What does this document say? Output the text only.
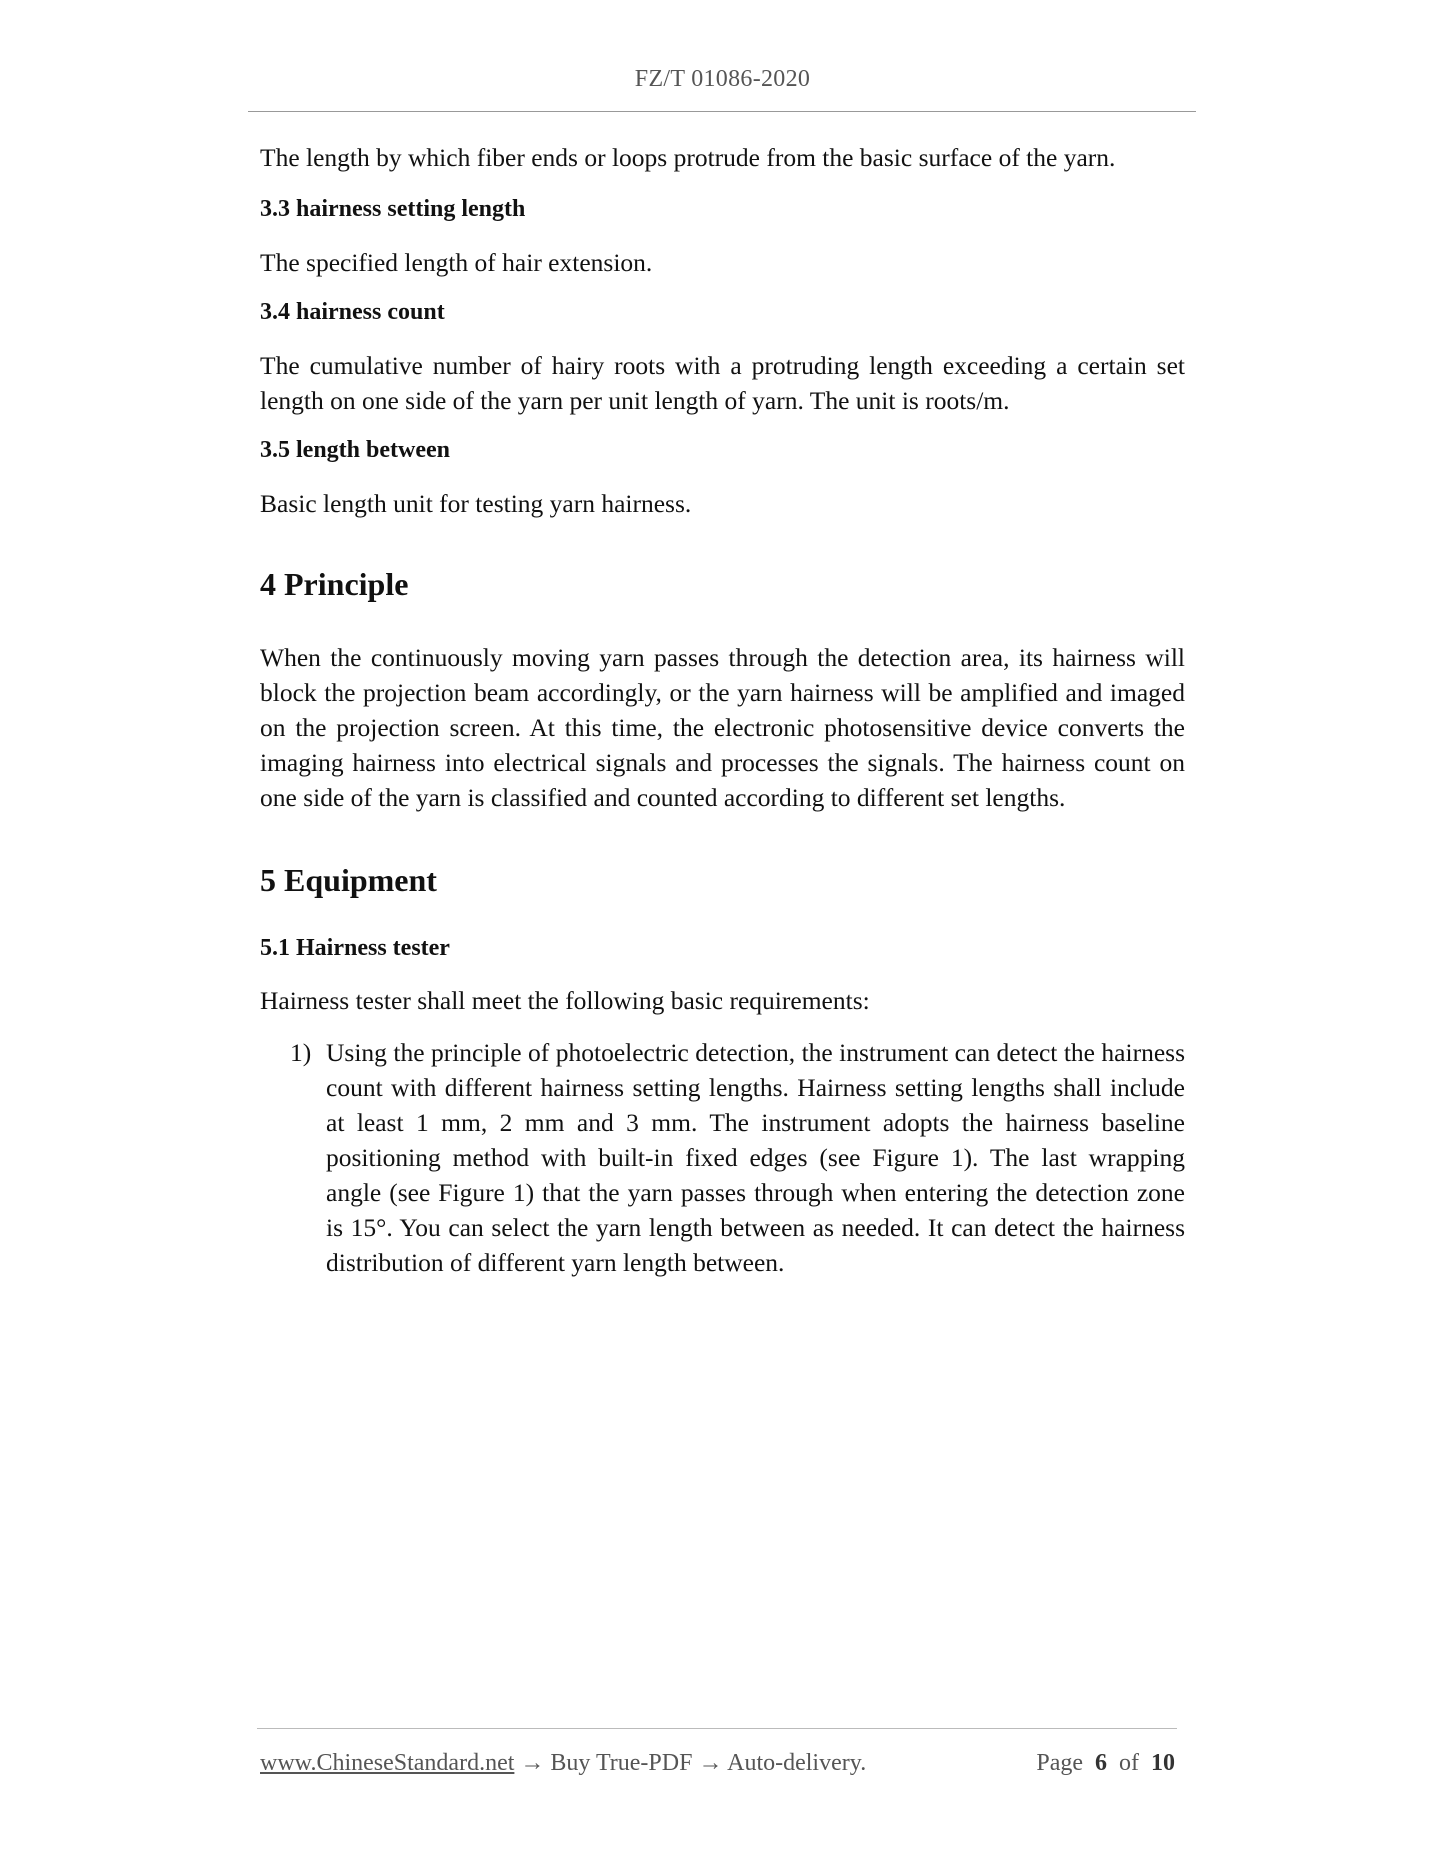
FZ/T 01086-2020

The length by which fiber ends or loops protrude from the basic surface of the yarn.

3.3 hairness setting length

The specified length of hair extension.

3.4 hairness count

The cumulative number of hairy roots with a protruding length exceeding a certain set length on one side of the yarn per unit length of yarn. The unit is roots/m.

3.5 length between

Basic length unit for testing yarn hairness.

4 Principle

When the continuously moving yarn passes through the detection area, its hairness will block the projection beam accordingly, or the yarn hairness will be amplified and imaged on the projection screen. At this time, the electronic photosensitive device converts the imaging hairness into electrical signals and processes the signals. The hairness count on one side of the yarn is classified and counted according to different set lengths.

5 Equipment

5.1 Hairness tester

Hairness tester shall meet the following basic requirements:

1) Using the principle of photoelectric detection, the instrument can detect the hairness count with different hairness setting lengths. Hairness setting lengths shall include at least 1 mm, 2 mm and 3 mm. The instrument adopts the hairness baseline positioning method with built-in fixed edges (see Figure 1). The last wrapping angle (see Figure 1) that the yarn passes through when entering the detection zone is 15°. You can select the yarn length between as needed. It can detect the hairness distribution of different yarn length between.
www.ChineseStandard.net → Buy True-PDF → Auto-delivery.	Page 6 of 10
